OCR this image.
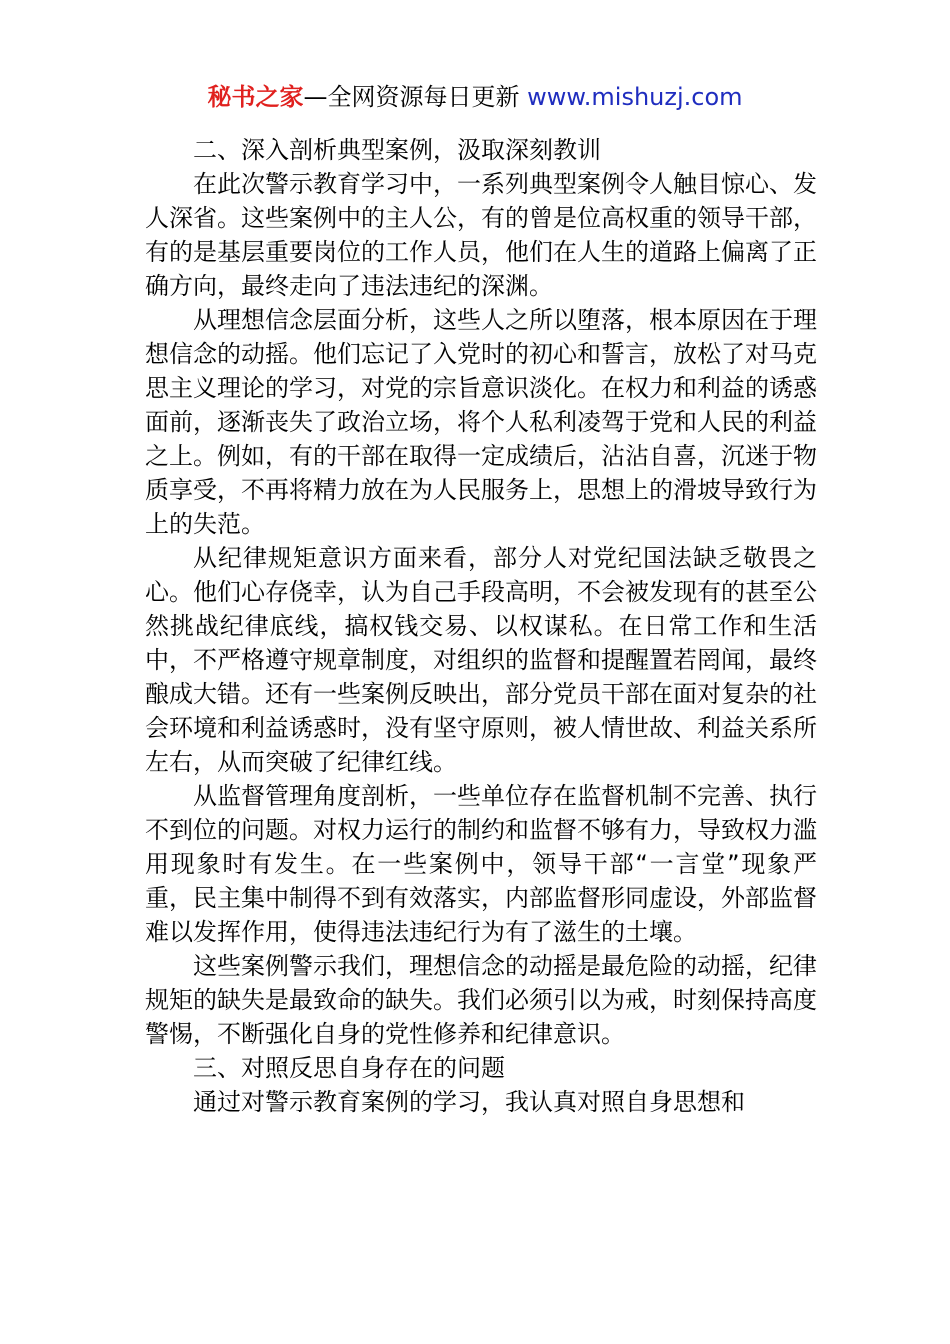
秘书之家—全网资源每日更新 www.mishuzj.com

二、深入剖析典型案例，汲取深刻教训

在此次警示教育学习中，一系列典型案例令人触目惊心、发人深省。这些案例中的主人公，有的曾是位高权重的领导干部，有的是基层重要岗位的工作人员，他们在人生的道路上偏离了正确方向，最终走向了违法违纪的深渊。

从理想信念层面分析，这些人之所以堕落，根本原因在于理想信念的动摇。他们忘记了入党时的初心和誓言，放松了对马克思主义理论的学习，对党的宗旨意识淡化。在权力和利益的诱惑面前，逐渐丧失了政治立场，将个人私利凌驾于党和人民的利益之上。例如，有的干部在取得一定成绩后，沾沾自喜，沉迷于物质享受，不再将精力放在为人民服务上，思想上的滑坡导致行为上的失范。

从纪律规矩意识方面来看，部分人对党纪国法缺乏敬畏之心。他们心存侥幸，认为自己手段高明，不会被发现有的甚至公然挑战纪律底线，搞权钱交易、以权谋私。在日常工作和生活中，不严格遵守规章制度，对组织的监督和提醒置若罔闻，最终酿成大错。还有一些案例反映出，部分党员干部在面对复杂的社会环境和利益诱惑时，没有坚守原则，被人情世故、利益关系所左右，从而突破了纪律红线。

从监督管理角度剖析，一些单位存在监督机制不完善、执行不到位的问题。对权力运行的制约和监督不够有力，导致权力滥用现象时有发生。在一些案例中，领导干部“一言堂”现象严重，民主集中制得不到有效落实，内部监督形同虚设，外部监督难以发挥作用，使得违法违纪行为有了滋生的土壤。

这些案例警示我们，理想信念的动摇是最危险的动摇，纪律规矩的缺失是最致命的缺失。我们必须引以为戒，时刻保持高度警惕，不断强化自身的党性修养和纪律意识。

三、对照反思自身存在的问题

通过对警示教育案例的学习，我认真对照自身思想和
